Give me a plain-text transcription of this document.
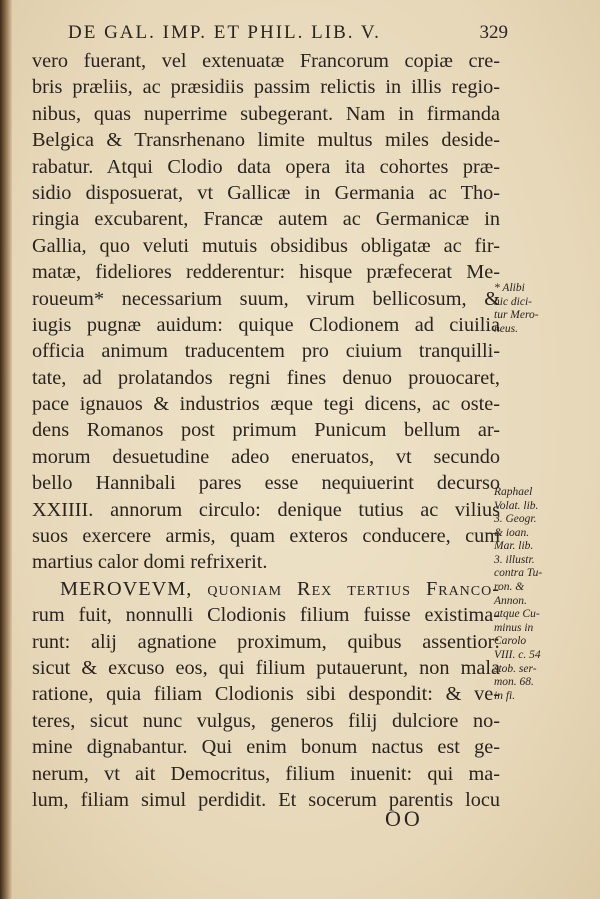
DE GAL. IMP. ET PHIL. LIB. V.	329
vero fuerant, vel extenuatæ Francorum copiæ cre-
bris præliis, ac præsidiis passim relictis in illis regio-
nibus, quas nuperrime subegerant. Nam in firmanda
Belgica & Transrhenano limite multus miles deside-
rabatur. Atqui Clodio data opera ita cohortes præ-
sidio disposuerat, vt Gallicæ in Germania ac Tho-
ringia excubarent, Francæ autem ac Germanicæ in
Gallia, quo veluti mutuis obsidibus obligatæ ac fir-
matæ, fideliores redderentur: hisque præfecerat Me-
roueum* necessarium suum, virum bellicosum, &
iugis pugnæ auidum: quique Clodionem ad ciuilia
officia animum traducentem pro ciuium tranquilli-
tate, ad prolatandos regni fines denuo prouocaret,
pace ignauos & industrios æque tegi dicens, ac oste-
dens Romanos post primum Punicum bellum ar-
morum desuetudine adeo eneruatos, vt secundo
bello Hannibali pares esse nequiuerint decurso
XXIIII. annorum circulo: denique tutius ac vilius
suos exercere armis, quam exteros conducere, cum
martius calor domi refrixerit.
MEROVEVM, quoniam Rex tertius Franco-
rum fuit, nonnulli Clodionis filium fuisse existima-
runt: alij agnatione proximum, quibus assentior:
sicut & excuso eos, qui filium putauerunt, non mala
ratione, quia filiam Clodionis sibi despondit: & ve-
teres, sicut nunc vulgus, generos filij dulciore no-
mine dignabantur. Qui enim bonum nactus est ge-
nerum, vt ait Democritus, filium inuenit: qui ma-
lum, filiam simul perdidit. Et socerum parentis locu
* Alibi
hic dici-
tur Mero-
neus.
Raphael
Volat. lib.
3. Geogr.
& ioan.
Mar. lib.
3. illustr.
contra Tu-
ron. &
Annon.
atque Cu-
minus in
Carolo
VIII. c. 54
stob. ser-
mon. 68.
in fi.
OO
